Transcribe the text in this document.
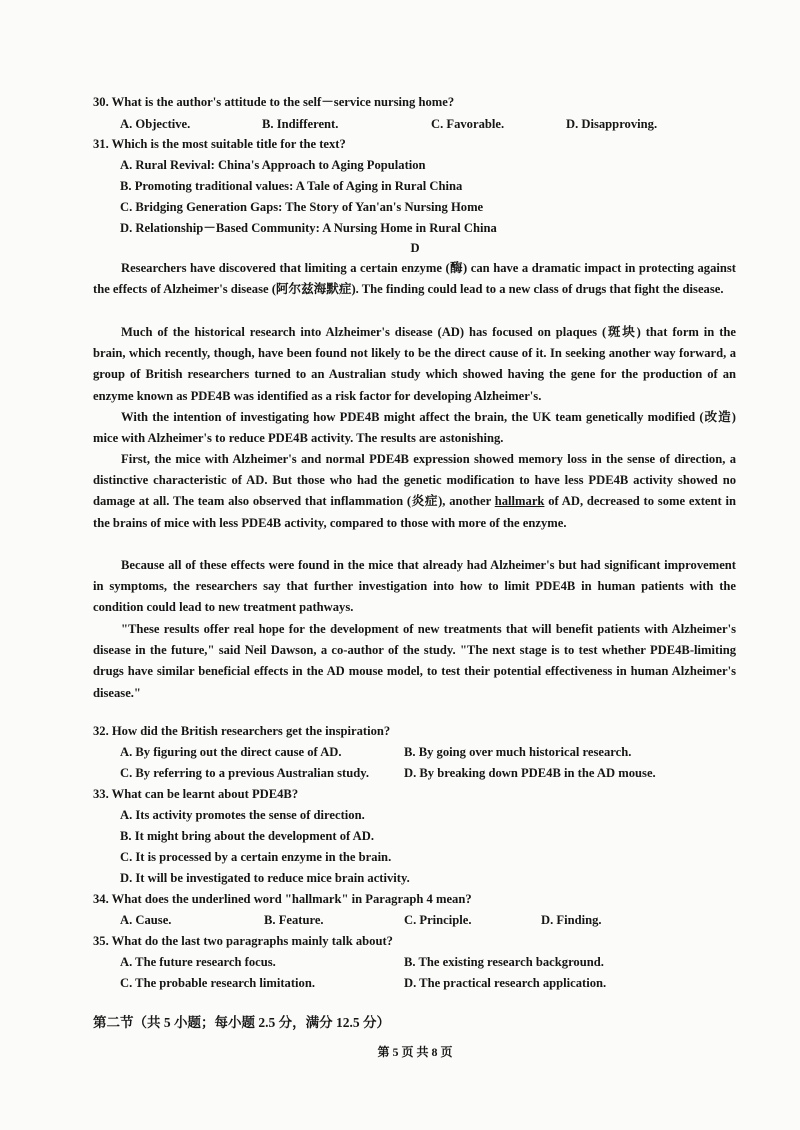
30. What is the author's attitude to the self－service nursing home?
A. Objective.	B. Indifferent.	C. Favorable.	D. Disapproving.
31. Which is the most suitable title for the text?
A. Rural Revival: China's Approach to Aging Population
B. Promoting traditional values: A Tale of Aging in Rural China
C. Bridging Generation Gaps: The Story of Yan'an's Nursing Home
D. Relationship－Based Community: A Nursing Home in Rural China
D
Researchers have discovered that limiting a certain enzyme (酶) can have a dramatic impact in protecting against the effects of Alzheimer's disease (阿尔兹海默症). The finding could lead to a new class of drugs that fight the disease.
Much of the historical research into Alzheimer's disease (AD) has focused on plaques (斑块) that form in the brain, which recently, though, have been found not likely to be the direct cause of it. In seeking another way forward, a group of British researchers turned to an Australian study which showed having the gene for the production of an enzyme known as PDE4B was identified as a risk factor for developing Alzheimer's.
With the intention of investigating how PDE4B might affect the brain, the UK team genetically modified (改造) mice with Alzheimer's to reduce PDE4B activity. The results are astonishing.
First, the mice with Alzheimer's and normal PDE4B expression showed memory loss in the sense of direction, a distinctive characteristic of AD. But those who had the genetic modification to have less PDE4B activity showed no damage at all. The team also observed that inflammation (炎症), another hallmark of AD, decreased to some extent in the brains of mice with less PDE4B activity, compared to those with more of the enzyme.
Because all of these effects were found in the mice that already had Alzheimer's but had significant improvement in symptoms, the researchers say that further investigation into how to limit PDE4B in human patients with the condition could lead to new treatment pathways.
"These results offer real hope for the development of new treatments that will benefit patients with Alzheimer's disease in the future," said Neil Dawson, a co-author of the study. "The next stage is to test whether PDE4B-limiting drugs have similar beneficial effects in the AD mouse model, to test their potential effectiveness in human Alzheimer's disease."
32. How did the British researchers get the inspiration?
A. By figuring out the direct cause of AD.	B. By going over much historical research.
C. By referring to a previous Australian study.	D. By breaking down PDE4B in the AD mouse.
33. What can be learnt about PDE4B?
A. Its activity promotes the sense of direction.
B. It might bring about the development of AD.
C. It is processed by a certain enzyme in the brain.
D. It will be investigated to reduce mice brain activity.
34. What does the underlined word "hallmark" in Paragraph 4 mean?
A. Cause.	B. Feature.	C. Principle.	D. Finding.
35. What do the last two paragraphs mainly talk about?
A. The future research focus.	B. The existing research background.
C. The probable research limitation.	D. The practical research application.
第二节（共 5 小题；每小题 2.5 分，满分 12.5 分）
第 5 页 共 8 页
